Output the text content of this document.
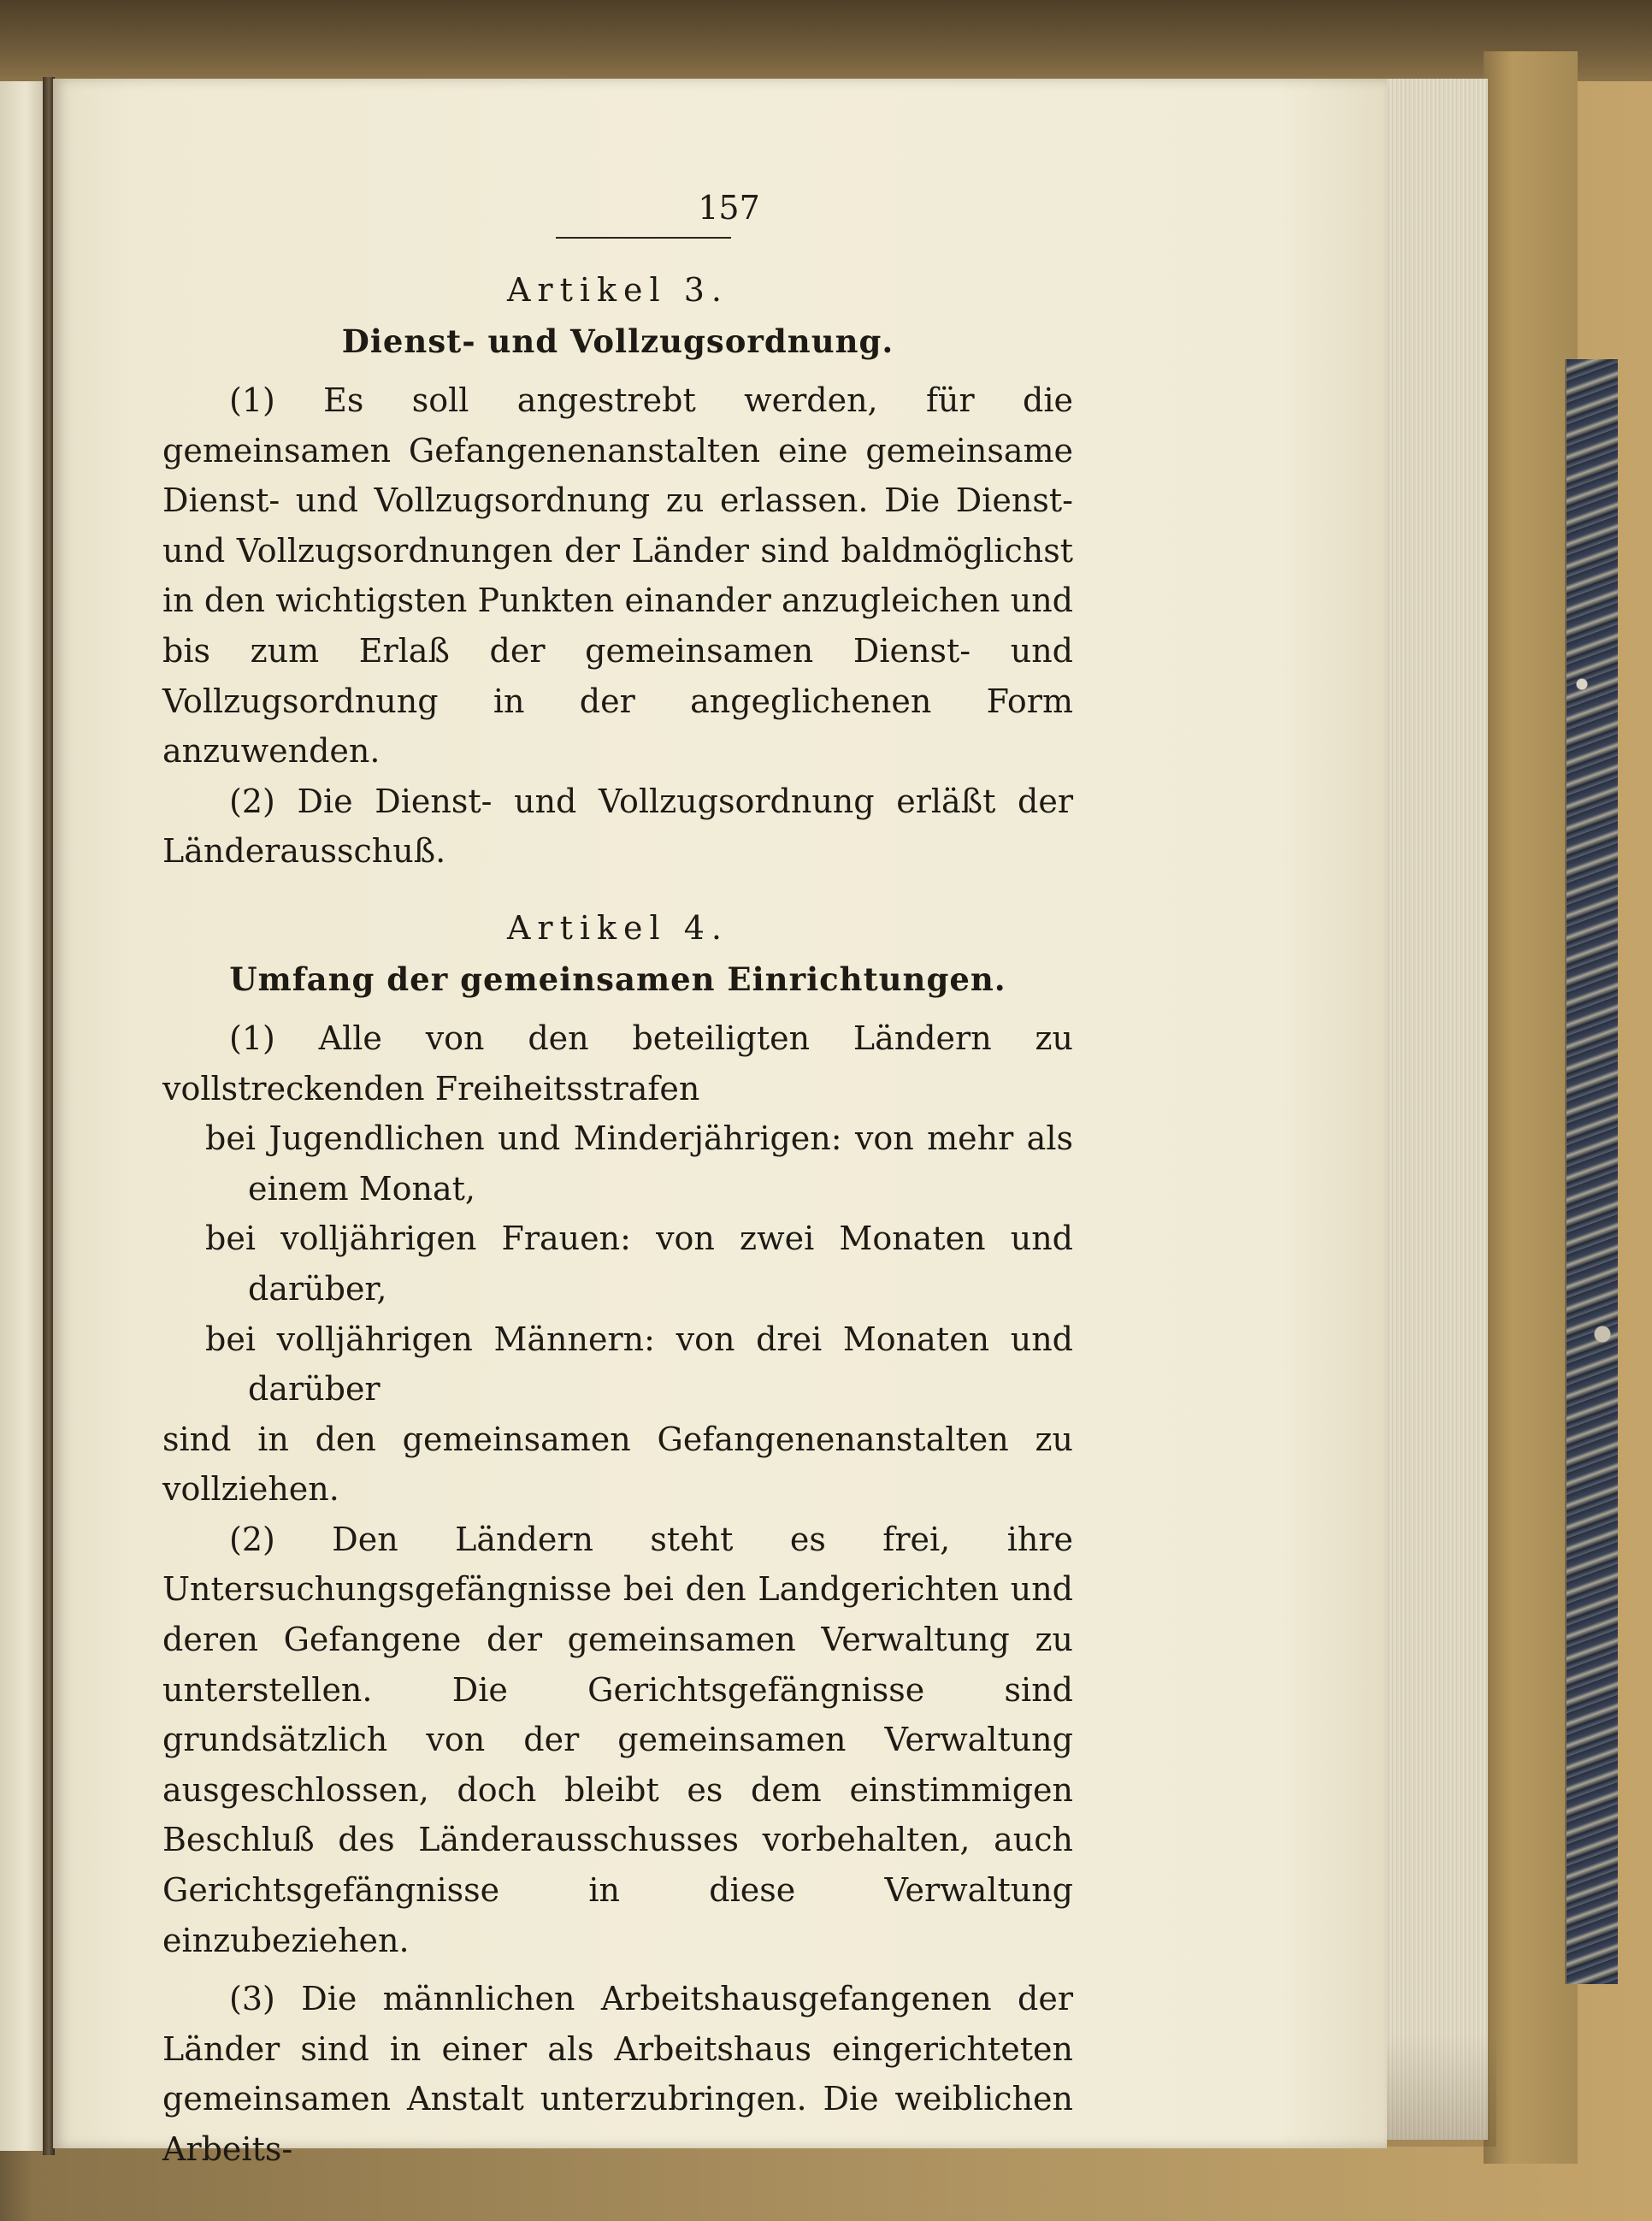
157

Artikel 3.

Dienst- und Vollzugsordnung.

(1) Es soll angestrebt werden, für die gemeinsamen Gefangenenanstalten eine gemeinsame Dienst- und Vollzugsordnung zu erlassen. Die Dienst- und Vollzugsordnungen der Länder sind baldmöglichst in den wichtigsten Punkten einander anzugleichen und bis zum Erlaß der gemeinsamen Dienst- und Vollzugsordnung in der angeglichenen Form anzuwenden.

(2) Die Dienst- und Vollzugsordnung erläßt der Länderausschuß.

Artikel 4.

Umfang der gemeinsamen Einrichtungen.

(1) Alle von den beteiligten Ländern zu vollstreckenden Freiheitsstrafen

bei Jugendlichen und Minderjährigen: von mehr als einem Monat,

bei volljährigen Frauen: von zwei Monaten und darüber,

bei volljährigen Männern: von drei Monaten und darüber

sind in den gemeinsamen Gefangenenanstalten zu vollziehen.

(2) Den Ländern steht es frei, ihre Untersuchungsgefängnisse bei den Landgerichten und deren Gefangene der gemeinsamen Verwaltung zu unterstellen. Die Gerichtsgefängnisse sind grundsätzlich von der gemeinsamen Verwaltung ausgeschlossen, doch bleibt es dem einstimmigen Beschluß des Länderausschusses vorbehalten, auch Gerichtsgefängnisse in diese Verwaltung einzubeziehen.

(3) Die männlichen Arbeitshausgefangenen der Länder sind in einer als Arbeitshaus eingerichteten gemeinsamen Anstalt unterzubringen. Die weiblichen Arbeits-
